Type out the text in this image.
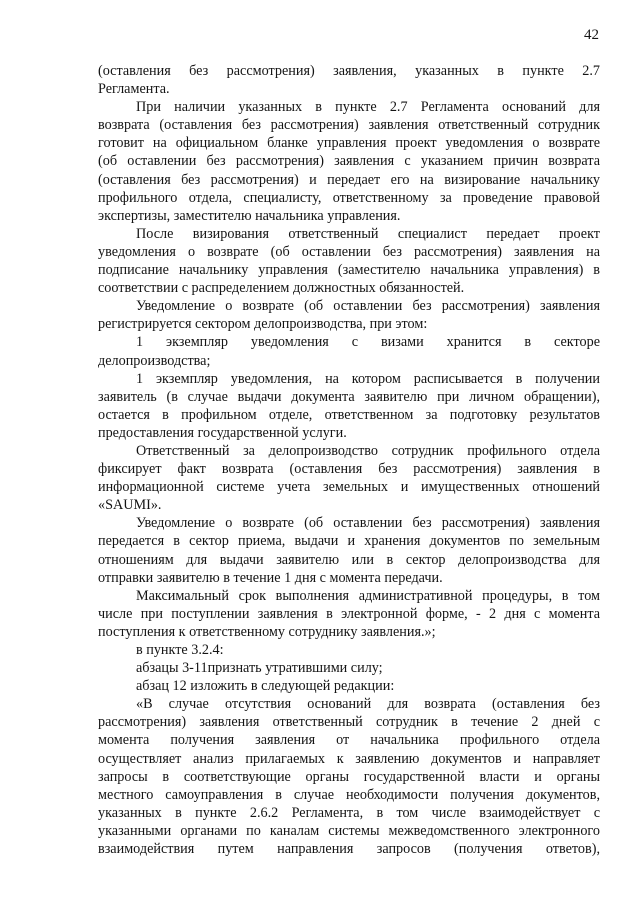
42
(оставления без рассмотрения) заявления, указанных в пункте 2.7
Регламента.
При наличии указанных в пункте 2.7 Регламента оснований для
возврата (оставления без рассмотрения) заявления ответственный сотрудник
готовит на официальном бланке управления проект уведомления о возврате
(об оставлении без рассмотрения) заявления с указанием причин возврата
(оставления без рассмотрения) и передает его на визирование начальнику
профильного отдела, специалисту, ответственному за проведение правовой
экспертизы, заместителю начальника управления.
После визирования ответственный специалист передает проект
уведомления о возврате (об оставлении без рассмотрения) заявления на
подписание начальнику управления (заместителю начальника управления) в
соответствии с распределением должностных обязанностей.
Уведомление о возврате (об оставлении без рассмотрения) заявления
регистрируется сектором делопроизводства, при этом:
1 экземпляр уведомления с визами хранится в секторе
делопроизводства;
1 экземпляр уведомления, на котором расписывается в получении
заявитель (в случае выдачи документа заявителю при личном обращении),
остается в профильном отделе, ответственном за подготовку результатов
предоставления государственной услуги.
Ответственный за делопроизводство сотрудник профильного отдела
фиксирует факт возврата (оставления без рассмотрения) заявления в
информационной системе учета земельных и имущественных отношений
«SAUMI».
Уведомление о возврате (об оставлении без рассмотрения) заявления
передается в сектор приема, выдачи и хранения документов по земельным
отношениям для выдачи заявителю или в сектор делопроизводства для
отправки заявителю в течение 1 дня с момента передачи.
Максимальный срок выполнения административной процедуры, в том
числе при поступлении заявления в электронной форме, - 2 дня с момента
поступления к ответственному сотруднику заявления.»;
в пункте 3.2.4:
абзацы 3-11признать утратившими силу;
абзац 12 изложить в следующей редакции:
«В случае отсутствия оснований для возврата (оставления без
рассмотрения) заявления ответственный сотрудник в течение 2 дней с
момента получения заявления от начальника профильного отдела
осуществляет анализ прилагаемых к заявлению документов и направляет
запросы в соответствующие органы государственной власти и органы
местного самоуправления в случае необходимости получения документов,
указанных в пункте 2.6.2 Регламента, в том числе взаимодействует с
указанными органами по каналам системы межведомственного электронного
взаимодействия путем направления запросов (получения ответов),
